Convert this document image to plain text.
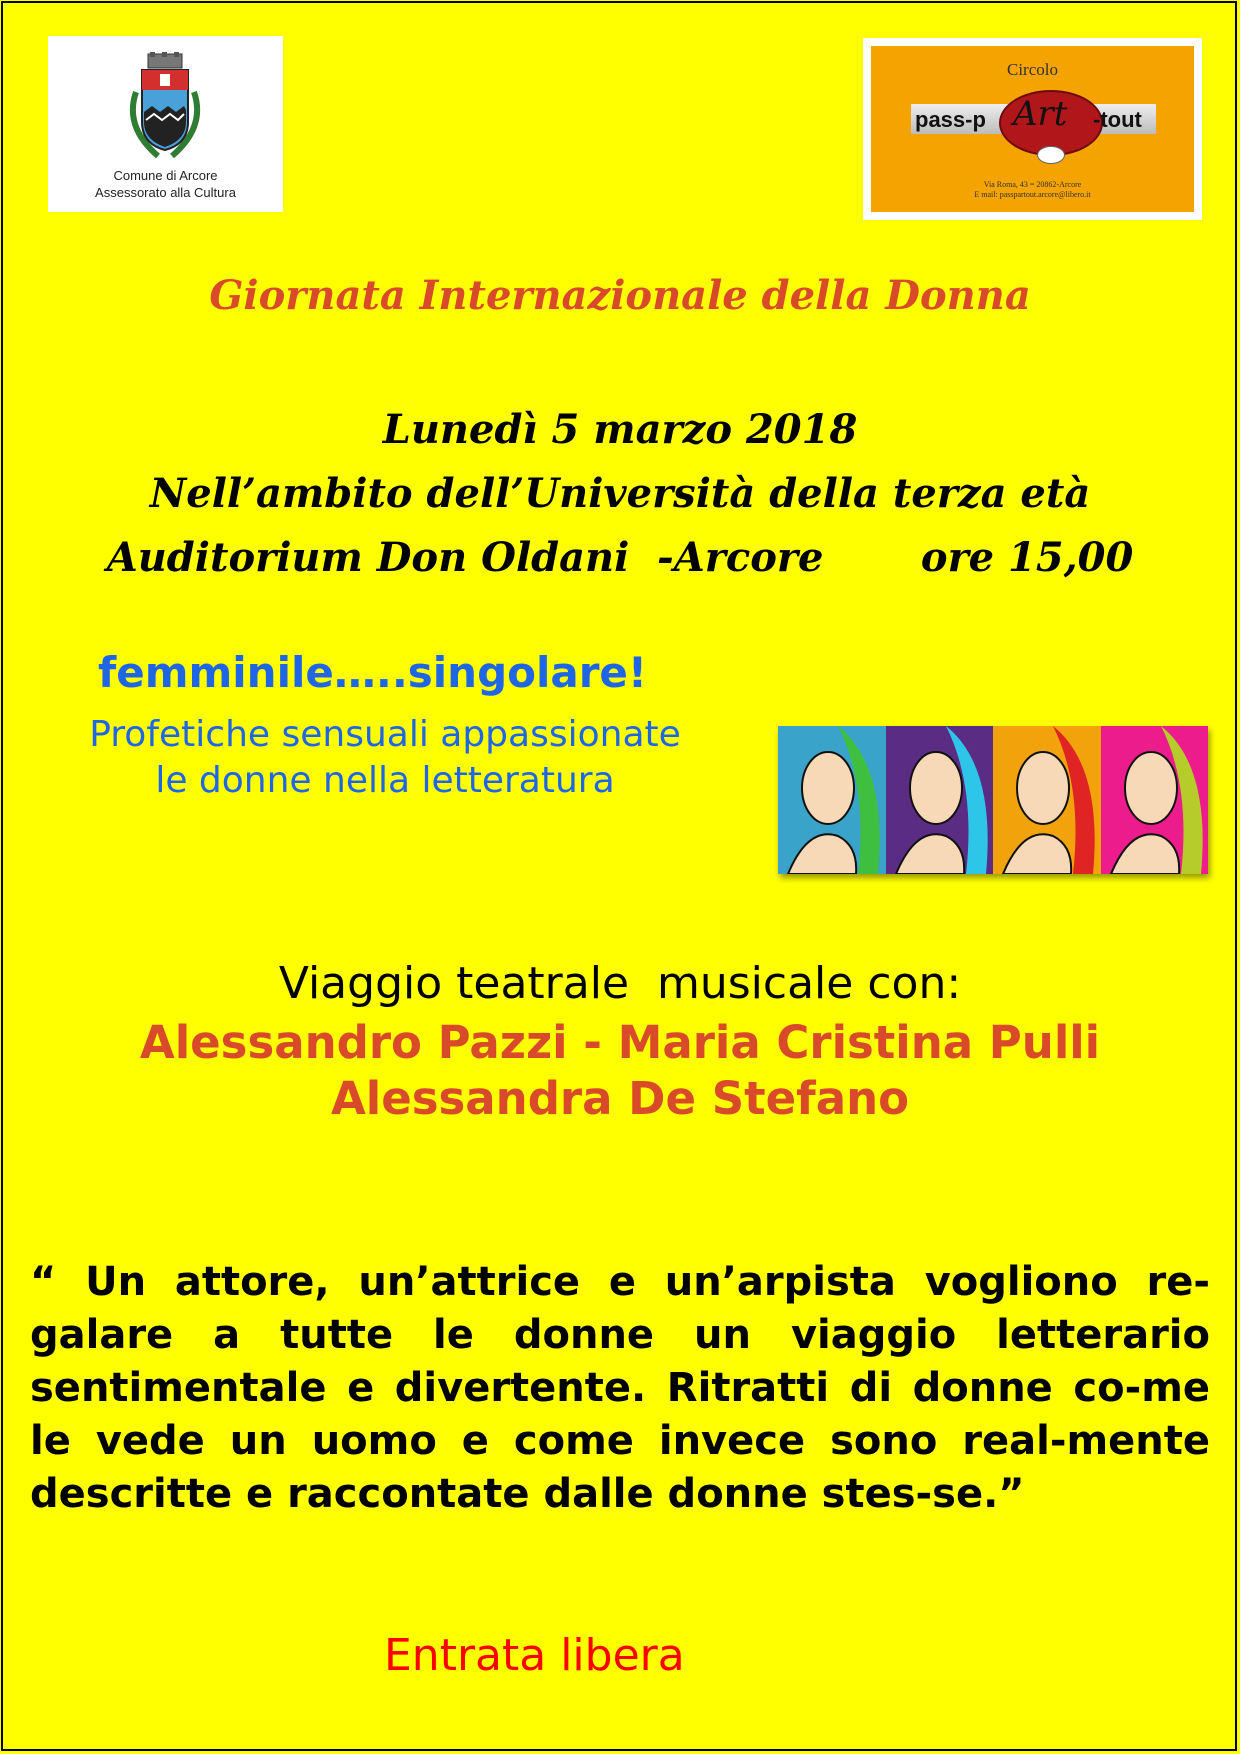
Comune di Arcore
Assessorato alla Cultura
Circolo
pass-p Art -tout
Via Roma, 43 = 20862-Arcore
E mail: passpartout.arcore@libero.it
Giornata Internazionale della Donna
Lunedì 5 marzo 2018
Nell’ambito dell’Università della terza età
Auditorium Don Oldani  -Arcore       ore 15,00
femminile…..singolare!
Profetiche sensuali appassionate
le donne nella letteratura
Viaggio teatrale  musicale con:
Alessandro Pazzi - Maria Cristina Pulli
Alessandra De Stefano
“ Un attore, un’attrice e un’arpista vogliono re-galare a tutte le donne un viaggio letterario sentimentale e divertente. Ritratti di donne co-me le vede un uomo e come invece sono real-mente descritte e raccontate dalle donne stes-se.”
Entrata libera
